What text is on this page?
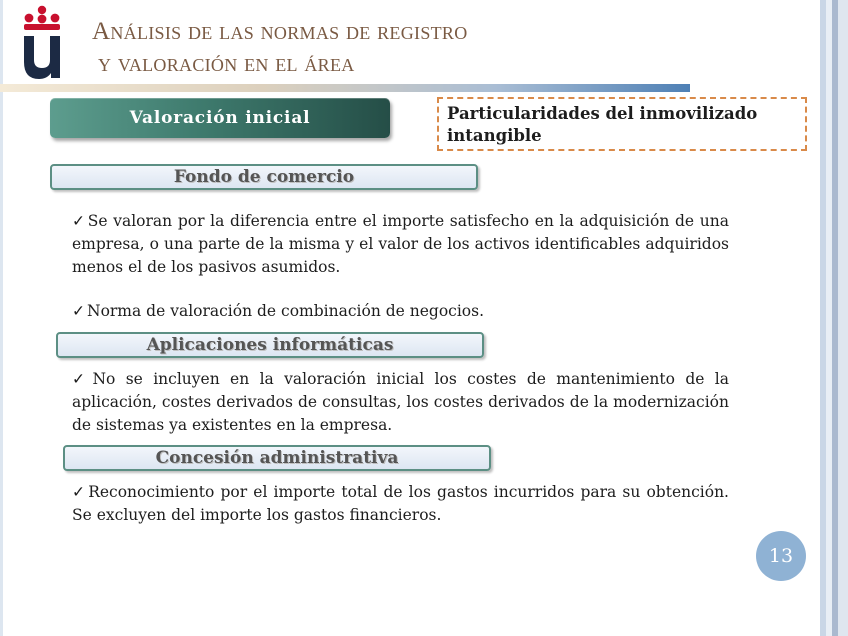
Análisis de las normas de registro
y valoración en el área
Valoración inicial	Particularidades del inmovilizado intangible
Fondo de comercio

✓ Se valoran por la diferencia entre el importe satisfecho en la adquisición de una empresa, o una parte de la misma y el valor de los activos identificables adquiridos menos el de los pasivos asumidos.

✓ Norma de valoración de combinación de negocios.

Aplicaciones informáticas

✓ No se incluyen en la valoración inicial los costes de mantenimiento de la aplicación, costes derivados de consultas, los costes derivados de la modernización de sistemas ya existentes en la empresa.

Concesión administrativa

✓ Reconocimiento por el importe total de los gastos incurridos para su obtención. Se excluyen del importe los gastos financieros.

13
